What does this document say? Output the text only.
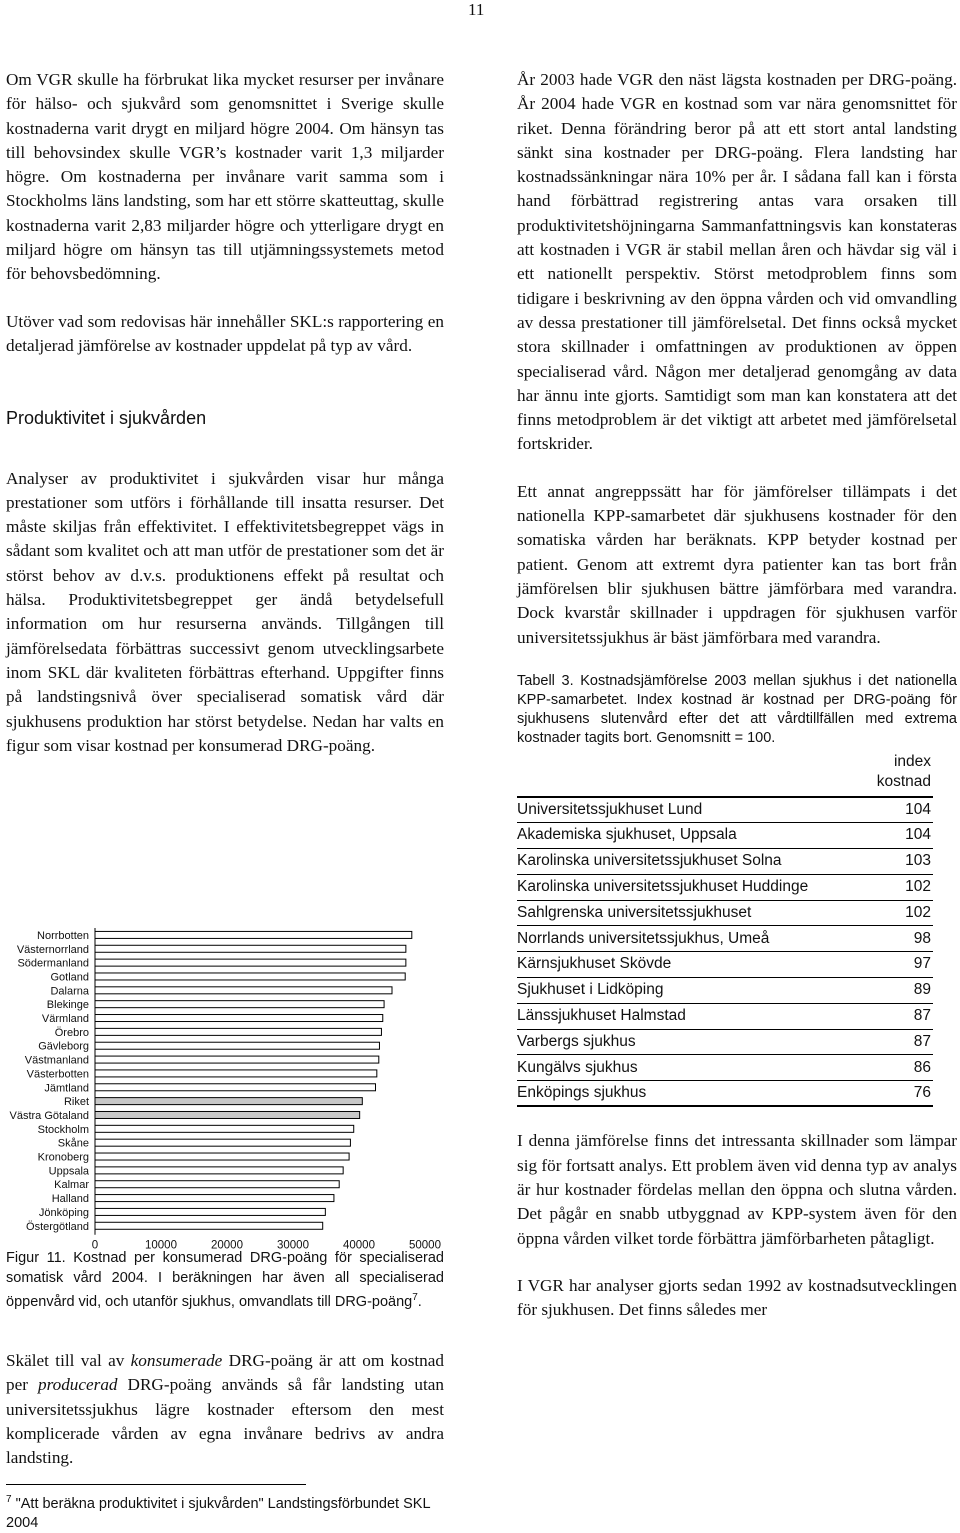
11

Om VGR skulle ha förbrukat lika mycket resurser per invånare för hälso- och sjukvård som genomsnittet i Sverige skulle kostnaderna varit drygt en miljard högre 2004. Om hänsyn tas till behovsindex skulle VGR’s kostnader varit 1,3 miljarder högre. Om kostnaderna per invånare varit samma som i Stockholms läns landsting, som har ett större skatteuttag, skulle kostnaderna varit 2,83 miljarder högre och ytterligare drygt en miljard högre om hänsyn tas till utjämningssystemets metod för behovsbedömning.

Utöver vad som redovisas här innehåller SKL:s rapportering en detaljerad jämförelse av kostnader uppdelat på typ av vård.

Produktivitet i sjukvården

Analyser av produktivitet i sjukvården visar hur många prestationer som utförs i förhållande till insatta resurser. Det måste skiljas från effektivitet. I effektivitetsbegreppet vägs in sådant som kvalitet och att man utför de prestationer som det är störst behov av d.v.s. produktionens effekt på resultat och hälsa. Produktivitetsbegreppet ger ändå betydelsefull information om hur resurserna används. Tillgången till jämförelsedata förbättras successivt genom utvecklingsarbete inom SKL där kvaliteten förbättras efterhand. Uppgifter finns på landstingsnivå över specialiserad somatisk vård där sjukhusens produktion har störst betydelse. Nedan har valts en figur som visar kostnad per konsumerad DRG-poäng.

Norrbotten
Västernorrland
Södermanland
Gotland
Dalarna
Blekinge
Värmland
Örebro
Gävleborg
Västmanland
Västerbotten
Jämtland
Riket
Västra Götaland
Stockholm
Skåne
Kronoberg
Uppsala
Kalmar
Halland
Jönköping
Östergötland
0	10000	20000	30000	40000	50000
Figur 11. Kostnad per konsumerad DRG-poäng för specialiserad somatisk vård 2004. I beräkningen har även all specialiserad öppenvård vid, och utanför sjukhus, omvandlats till DRG-poäng$^7$.
Skälet till val av konsumerade DRG-poäng är att om kostnad per producerad DRG-poäng används så får landsting utan universitetssjukhus lägre kostnader eftersom den mest komplicerade vården av egna invånare bedrivs av andra landsting.
$^7$ "Att beräkna produktivitet i sjukvården" Landstingsförbundet SKL 2004

År 2003 hade VGR den näst lägsta kostnaden per DRG-poäng. År 2004 hade VGR en kostnad som var nära genomsnittet för riket. Denna förändring beror på att ett stort antal landsting sänkt sina kostnader per DRG-poäng. Flera landsting har kostnadssänkningar nära 10% per år. I sådana fall kan i första hand förbättrad registrering antas vara orsaken till produktivitetshöjningarna Sammanfattningsvis kan konstateras att kostnaden i VGR är stabil mellan åren och hävdar sig väl i ett nationellt perspektiv. Störst metodproblem finns som tidigare i beskrivning av den öppna vården och vid omvandling av dessa prestationer till jämförelsetal. Det finns också mycket stora skillnader i omfattningen av produktionen av öppen specialiserad vård. Någon mer detaljerad genomgång av data har ännu inte gjorts. Samtidigt som man kan konstatera att det finns metodproblem är det viktigt att arbetet med jämförelsetal fortskrider.

Ett annat angreppssätt har för jämförelser tillämpats i det nationella KPP-samarbetet där sjukhusens kostnader för den somatiska vården har beräknats. KPP betyder kostnad per patient. Genom att extremt dyra patienter kan tas bort från jämförelsen blir sjukhusen bättre jämförbara med varandra. Dock kvarstår skillnader i uppdragen för sjukhusen varför universitetssjukhus är bäst jämförbara med varandra.

Tabell 3. Kostnadsjämförelse 2003 mellan sjukhus i det nationella KPP-samarbetet. Index kostnad är kostnad per DRG-poäng för sjukhusens slutenvård efter det att vårdtillfällen med extrema kostnader tagits bort. Genomsnitt = 100.

	index
kostnad
Universitetssjukhuset Lund	104
Akademiska sjukhuset, Uppsala	104
Karolinska universitetssjukhuset Solna	103
Karolinska universitetssjukhuset Huddinge	102
Sahlgrenska universitetssjukhuset	102
Norrlands universitetssjukhus, Umeå	98
Kärnsjukhuset Skövde	97
Sjukhuset i Lidköping	89
Länssjukhuset Halmstad	87
Varbergs sjukhus	87
Kungälvs sjukhus	86
Enköpings sjukhus	76

I denna jämförelse finns det intressanta skillnader som lämpar sig för fortsatt analys. Ett problem även vid denna typ av analys är hur kostnader fördelas mellan den öppna och slutna vården. Det pågår en snabb utbyggnad av KPP-system även för den öppna vården vilket torde förbättra jämförbarheten påtagligt.

I VGR har analyser gjorts sedan 1992 av kostnadsutvecklingen för sjukhusen. Det finns således mer
